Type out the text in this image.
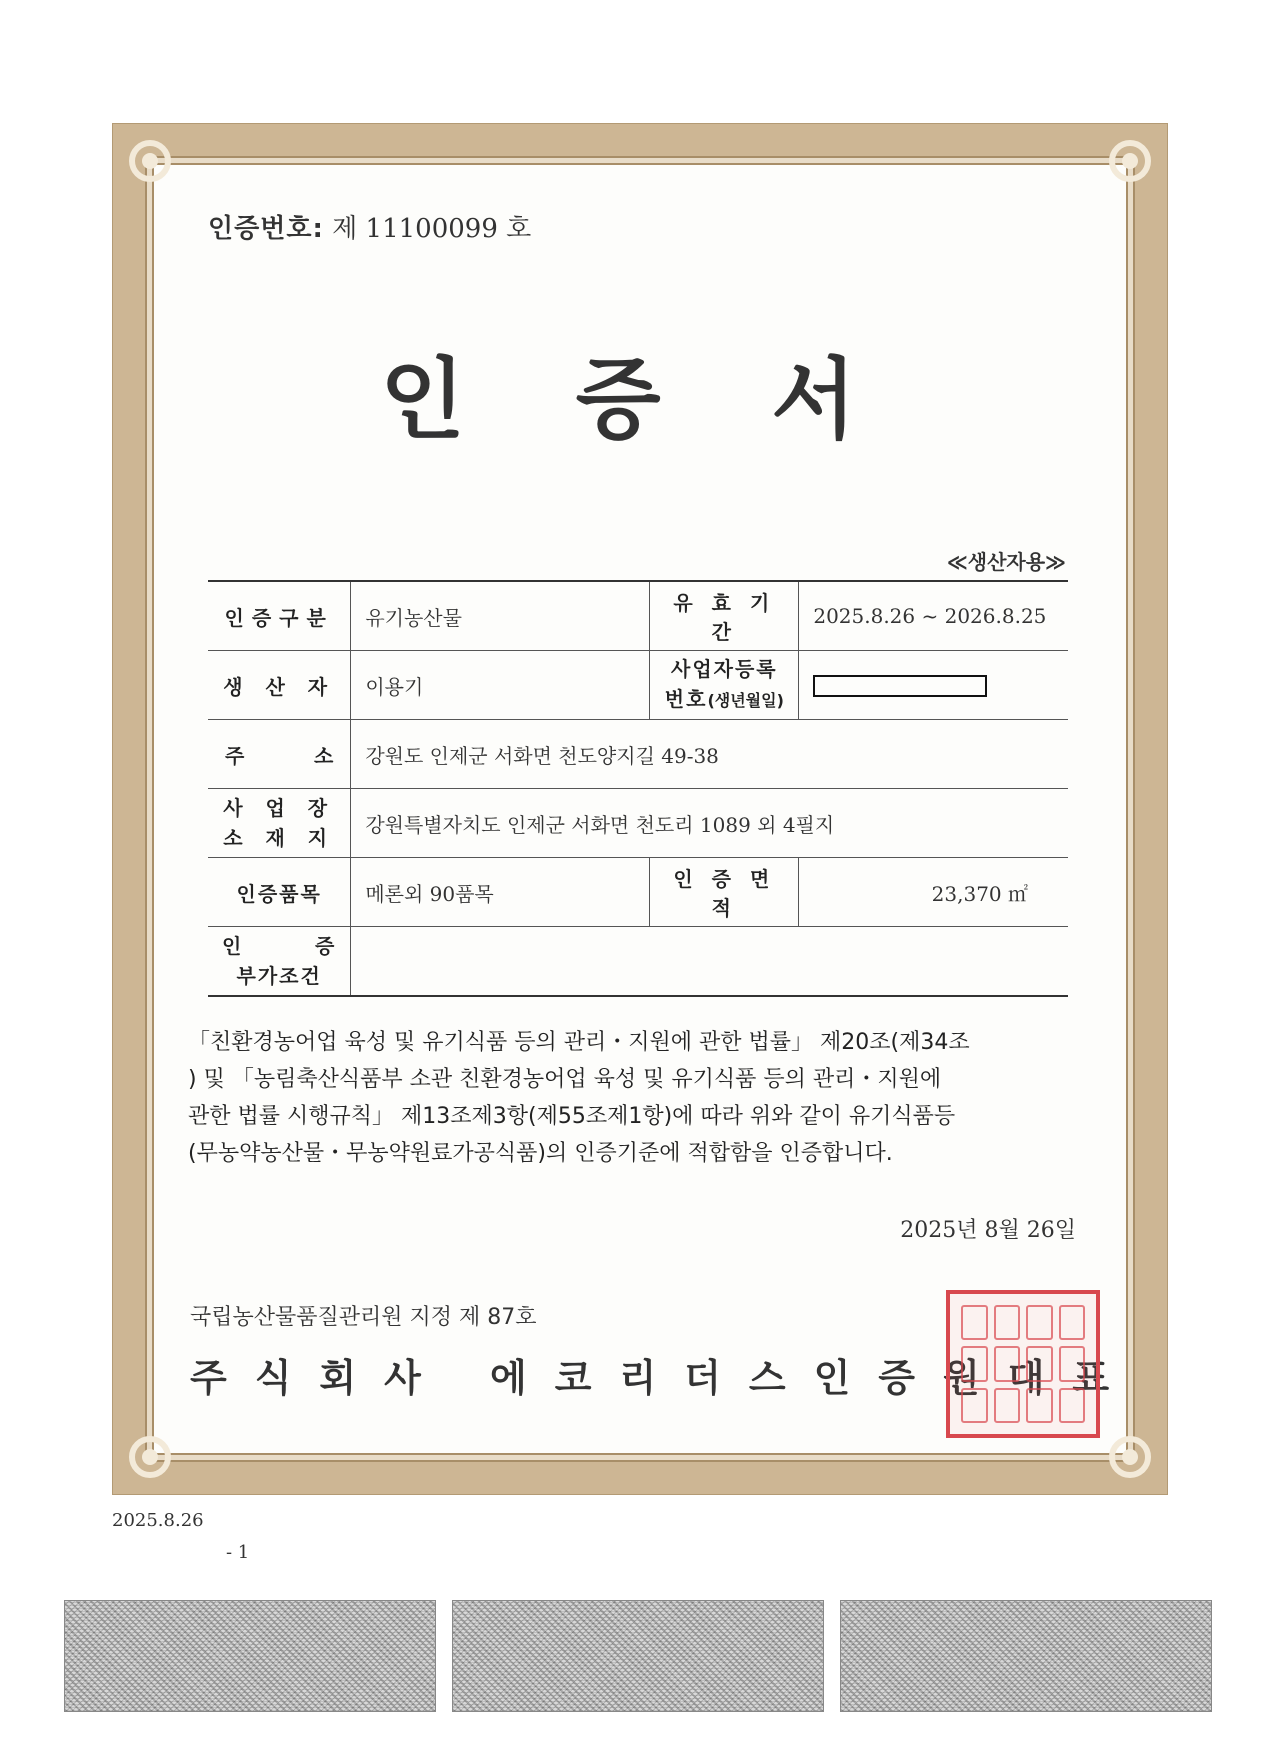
인증번호: 제 11100099 호
인 증 서
≪생산자용≫
인증구분	유기농산물	유 효 기 간	2025.8.26 ~ 2026.8.25
생 산 자	이용기	사업자등록
번호(생년월일)	

주          소	강원도 인제군 서화면 천도양지길 49-38		

사 업 장
소 재 지	강원특별자치도 인제군 서화면 천도리 1089 외 4필지		
인증품목	메론외 90품목	인 증 면 적	23,370 ㎡

인        증
부가조건			

「친환경농어업 육성 및 유기식품 등의 관리・지원에 관한 법률」 제20조(제34조
) 및 「농림축산식품부 소관 친환경농어업 육성 및 유기식품 등의 관리・지원에
관한 법률 시행규칙」 제13조제3항(제55조제1항)에 따라 위와 같이 유기식품등
(무농약농산물・무농약원료가공식품)의 인증기준에 적합함을 인증합니다.
2025년 8월 26일
국립농산물품질관리원 지정 제 87호
주식회사 에코리더스인증원대표
2025.8.26
- 1
